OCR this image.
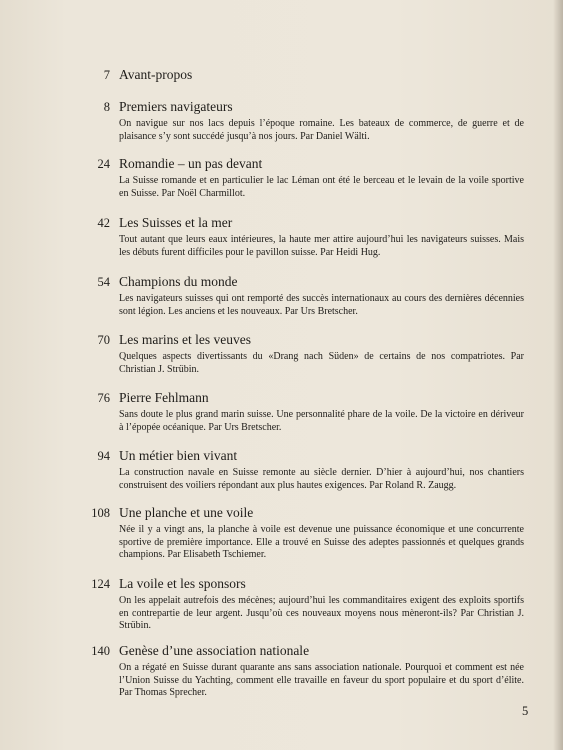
7 Avant-propos
8 Premiers navigateurs
On navigue sur nos lacs depuis l’époque romaine. Les bateaux de commerce, de guerre et de plaisance s’y sont succédé jusqu’à nos jours. Par Daniel Wälti.
24 Romandie – un pas devant
La Suisse romande et en particulier le lac Léman ont été le berceau et le levain de la voile sportive en Suisse. Par Noël Charmillot.
42 Les Suisses et la mer
Tout autant que leurs eaux intérieures, la haute mer attire aujourd’hui les navigateurs suisses. Mais les débuts furent difficiles pour le pavillon suisse. Par Heidi Hug.
54 Champions du monde
Les navigateurs suisses qui ont remporté des succès internationaux au cours des dernières décennies sont légion. Les anciens et les nouveaux. Par Urs Bretscher.
70 Les marins et les veuves
Quelques aspects divertissants du «Drang nach Süden» de certains de nos compatriotes. Par Christian J. Strübin.
76 Pierre Fehlmann
Sans doute le plus grand marin suisse. Une personnalité phare de la voile. De la victoire en dériveur à l’épopée océanique. Par Urs Bretscher.
94 Un métier bien vivant
La construction navale en Suisse remonte au siècle dernier. D’hier à aujourd’hui, nos chantiers construisent des voiliers répondant aux plus hautes exigences. Par Roland R. Zaugg.
108 Une planche et une voile
Née il y a vingt ans, la planche à voile est devenue une puissance économique et une concurrente sportive de première importance. Elle a trouvé en Suisse des adeptes passionnés et quelques grands champions. Par Elisabeth Tschiemer.
124 La voile et les sponsors
On les appelait autrefois des mécènes; aujourd’hui les commanditaires exigent des exploits sportifs en contrepartie de leur argent. Jusqu’où ces nouveaux moyens nous mèneront-ils? Par Christian J. Strübin.
140 Genèse d’une association nationale
On a régaté en Suisse durant quarante ans sans association nationale. Pourquoi et comment est née l’Union Suisse du Yachting, comment elle travaille en faveur du sport populaire et du sport d’élite. Par Thomas Sprecher.
5
